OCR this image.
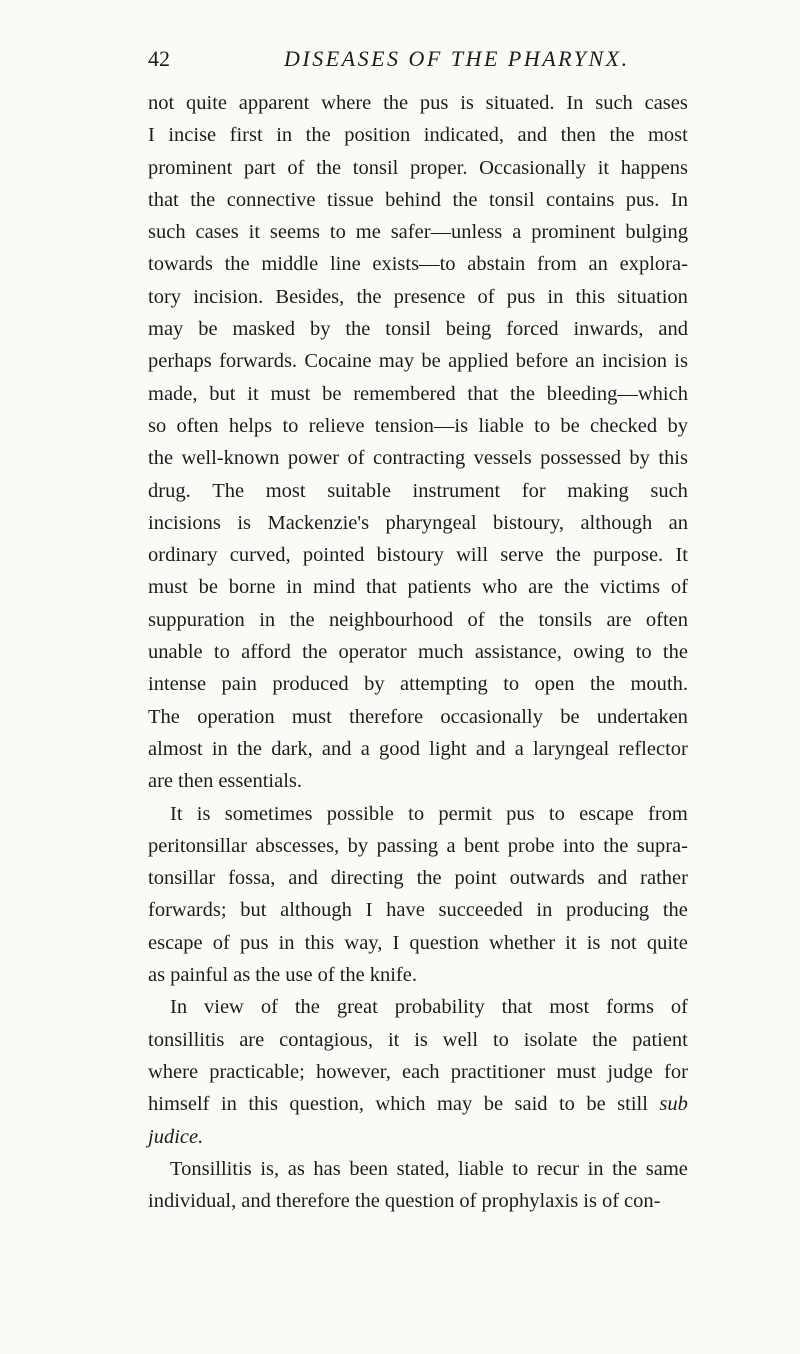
42	DISEASES OF THE PHARYNX.
not quite apparent where the pus is situated. In such cases
I incise first in the position indicated, and then the most
prominent part of the tonsil proper. Occasionally it happens
that the connective tissue behind the tonsil contains pus. In
such cases it seems to me safer—unless a prominent bulging
towards the middle line exists—to abstain from an explora-
tory incision. Besides, the presence of pus in this situation
may be masked by the tonsil being forced inwards, and
perhaps forwards. Cocaine may be applied before an incision is
made, but it must be remembered that the bleeding—which
so often helps to relieve tension—is liable to be checked by
the well-known power of contracting vessels possessed by this
drug. The most suitable instrument for making such
incisions is Mackenzie's pharyngeal bistoury, although an
ordinary curved, pointed bistoury will serve the purpose. It
must be borne in mind that patients who are the victims of
suppuration in the neighbourhood of the tonsils are often
unable to afford the operator much assistance, owing to the
intense pain produced by attempting to open the mouth.
The operation must therefore occasionally be undertaken
almost in the dark, and a good light and a laryngeal reflector
are then essentials.
It is sometimes possible to permit pus to escape from
peritonsillar abscesses, by passing a bent probe into the supra-
tonsillar fossa, and directing the point outwards and rather
forwards; but although I have succeeded in producing the
escape of pus in this way, I question whether it is not quite
as painful as the use of the knife.
In view of the great probability that most forms of
tonsillitis are contagious, it is well to isolate the patient
where practicable; however, each practitioner must judge for
himself in this question, which may be said to be still sub
judice.
Tonsillitis is, as has been stated, liable to recur in the same
individual, and therefore the question of prophylaxis is of con-
